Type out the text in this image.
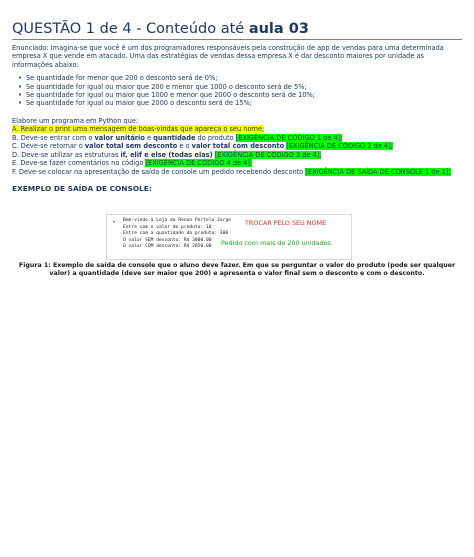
QUESTÃO 1 de 4 - Conteúdo até aula 03
Enunciado: Imagina-se que você é um dos programadores responsáveis pela construção de app de vendas para uma determinada empresa X que vende em atacado. Uma das estratégias de vendas dessa empresa X é dar desconto maiores por unidade as informações abaixo:
• Se quantidade for menor que 200 o desconto será de 0%;
• Se quantidade for igual ou maior que 200 e menor que 1000 o desconto será de 5%;
• Se quantidade for igual ou maior que 1000 e menor que 2000 o desconto será de 10%;
• Se quantidade for igual ou maior que 2000 o desconto será de 15%;
Elabore um programa em Python que:
A. Realizar o print uma mensagem de boas-vindas que apareça o seu nome;
B. Deve-se entrar com o valor unitário e quantidade do produto [EXIGÊNCIA DE CÓDIGO 1 de 4];
C. Deve-se retornar o valor total sem desconto e o valor total com desconto [EXIGÊNCIA DE CÓDIGO 2 de 4];
D. Deve-se utilizar as estruturas if, elif e else (todas elas) [EXIGÊNCIA DE CÓDIGO 3 de 4];
E. Deve-se fazer comentários no código [EXIGÊNCIA DE CÓDIGO 4 de 4];
F. Deve-se colocar na apresentação de saída de console um pedido recebendo desconto [EXIGÊNCIA DE SAÍDA DE CONSOLE 1 de 1];
EXEMPLO DE SAÍDA DE CONSOLE:
▾ Bem-vindo a Loja do Renan Portela Jorge
Entre com o valor do produto: 10
Entre com a quantidade do produto: 300
O valor SEM desconto: R$ 3000.00
O valor COM desconto: R$ 2850.00
TROCAR PELO SEU NOME
Pedido com mais de 200 unidades
Figura 1: Exemplo de saída de console que o aluno deve fazer. Em que se perguntar o valor do produto (pode ser qualquer valor) a quantidade (deve ser maior que 200) e apresenta o valor final sem o desconto e com o desconto.
